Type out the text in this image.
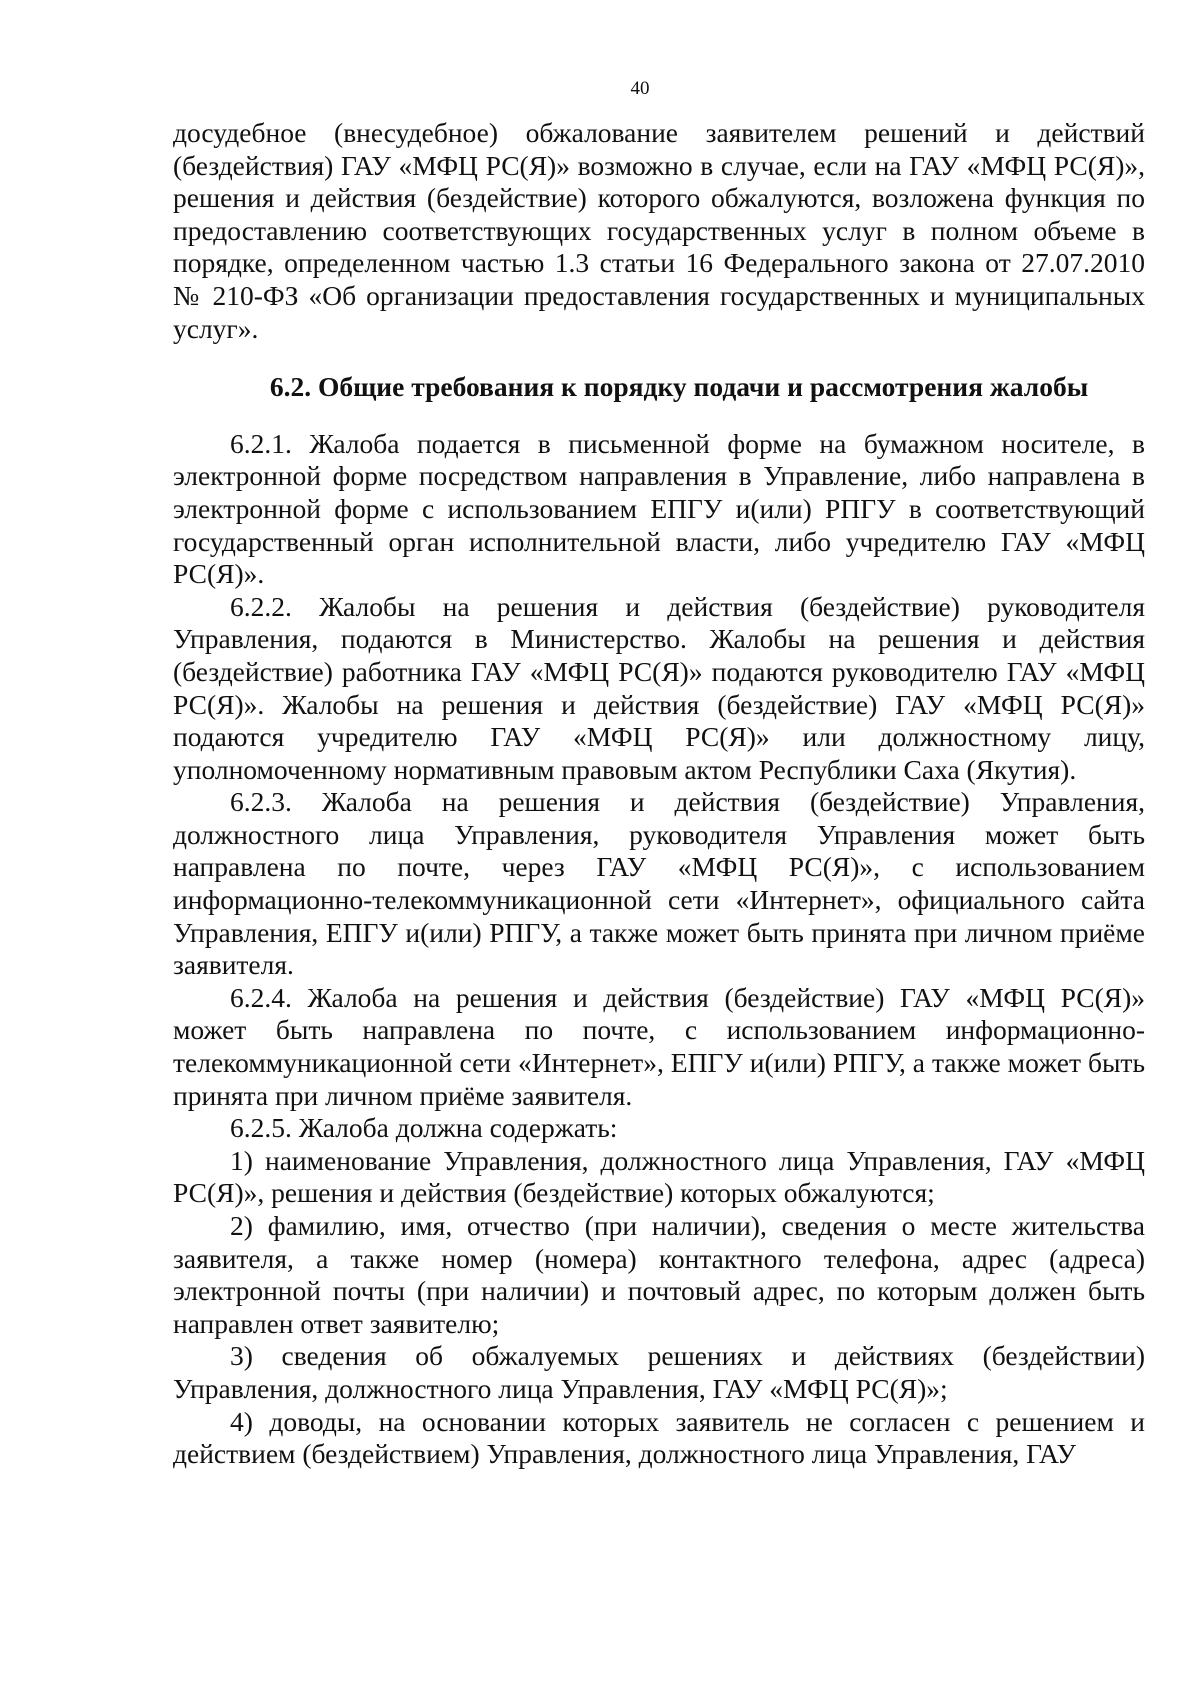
40

досудебное (внесудебное) обжалование заявителем решений и действий (бездействия) ГАУ «МФЦ РС(Я)» возможно в случае, если на ГАУ «МФЦ РС(Я)», решения и действия (бездействие) которого обжалуются, возложена функция по предоставлению соответствующих государственных услуг в полном объеме в порядке, определенном частью 1.3 статьи 16 Федерального закона от 27.07.2010 № 210-ФЗ «Об организации предоставления государственных и муниципальных услуг».

6.2. Общие требования к порядку подачи и рассмотрения жалобы

6.2.1. Жалоба подается в письменной форме на бумажном носителе, в электронной форме посредством направления в Управление, либо направлена в электронной форме с использованием ЕПГУ и(или) РПГУ в соответствующий государственный орган исполнительной власти, либо учредителю ГАУ «МФЦ РС(Я)».

6.2.2. Жалобы на решения и действия (бездействие) руководителя Управления, подаются в Министерство. Жалобы на решения и действия (бездействие) работника ГАУ «МФЦ РС(Я)» подаются руководителю ГАУ «МФЦ РС(Я)». Жалобы на решения и действия (бездействие) ГАУ «МФЦ РС(Я)» подаются учредителю ГАУ «МФЦ РС(Я)» или должностному лицу, уполномоченному нормативным правовым актом Республики Саха (Якутия).

6.2.3. Жалоба на решения и действия (бездействие) Управления, должностного лица Управления, руководителя Управления может быть направлена по почте, через ГАУ «МФЦ РС(Я)», с использованием информационно-телекоммуникационной сети «Интернет», официального сайта Управления, ЕПГУ и(или) РПГУ, а также может быть принята при личном приёме заявителя.

6.2.4. Жалоба на решения и действия (бездействие) ГАУ «МФЦ РС(Я)» может быть направлена по почте, с использованием информационно-телекоммуникационной сети «Интернет», ЕПГУ и(или) РПГУ, а также может быть принята при личном приёме заявителя.

6.2.5. Жалоба должна содержать:

1) наименование Управления, должностного лица Управления, ГАУ «МФЦ РС(Я)», решения и действия (бездействие) которых обжалуются;

2) фамилию, имя, отчество (при наличии), сведения о месте жительства заявителя, а также номер (номера) контактного телефона, адрес (адреса) электронной почты (при наличии) и почтовый адрес, по которым должен быть направлен ответ заявителю;

3) сведения об обжалуемых решениях и действиях (бездействии) Управления, должностного лица Управления, ГАУ «МФЦ РС(Я)»;

4) доводы, на основании которых заявитель не согласен с решением и действием (бездействием) Управления, должностного лица Управления, ГАУ
